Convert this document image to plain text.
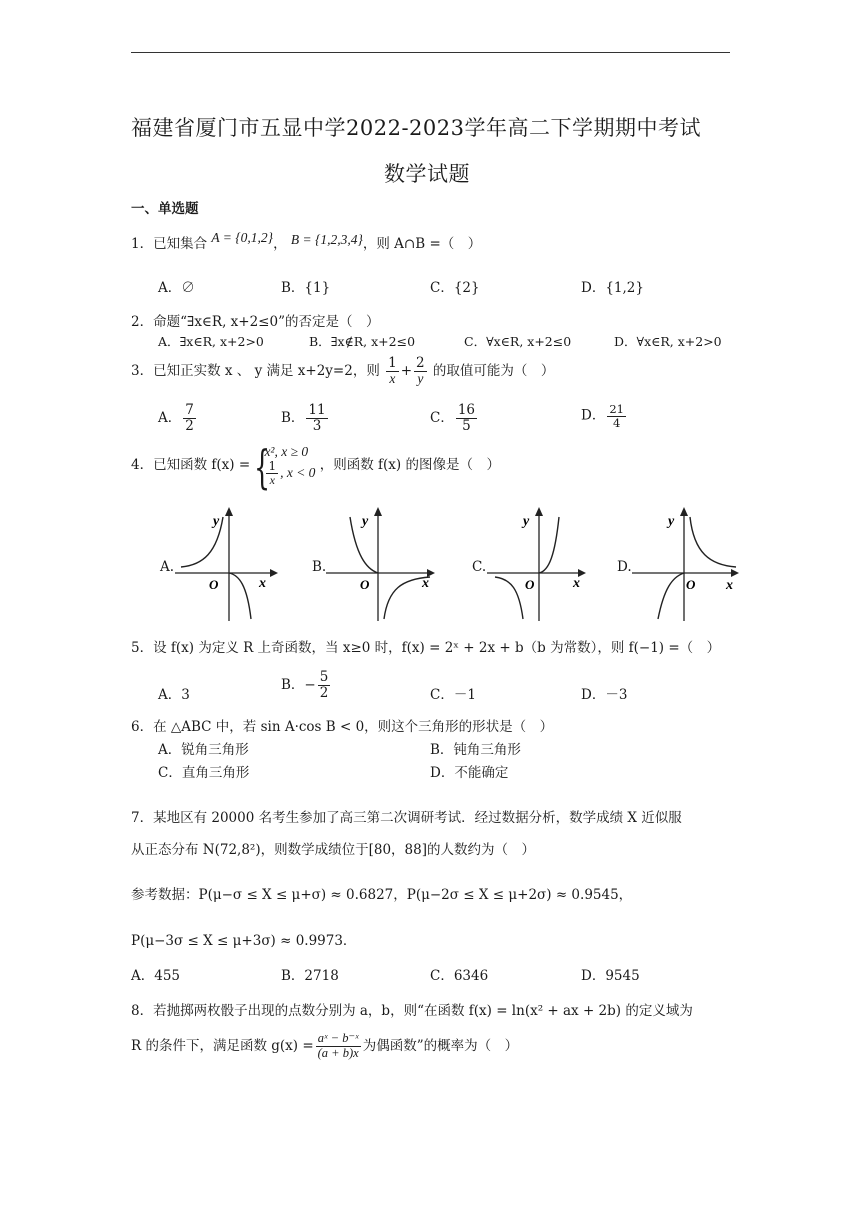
福建省厦门市五显中学2022-2023学年高二下学期期中考试
数学试题
一、单选题
1．已知集合 A = {0,1,2}， B = {1,2,3,4}，则 A∩B =（　）
A．∅	B．{1}	C．{2}	D．{1,2}
2．命题“∃x∈R, x+2≤0”的否定是（　）
A．∃x∈R, x+2>0	B．∃x∉R, x+2≤0	C．∀x∈R, x+2≤0	D．∀x∈R, x+2>0
3．已知正实数 x 、 y 满足 x+2y=2，则 $\frac{1}{x} + \frac{2}{y}$ 的取值可能为（　）
A． $\frac{7}{2}$	B． $\frac{11}{3}$	C． $\frac{16}{5}$	D． $\frac{21}{4}$
4．已知函数 f(x) = {
x², x ≥ 0
$\frac{1}{x}$ , x < 0 ，则函数 f(x) 的图像是（　）
A.
y
x
O
B.
y
x
O
C.
y
x
O
D.
y
x
O
5．设 f(x) 为定义 R 上奇函数，当 x≥0 时，f(x) = 2ˣ + 2x + b（b 为常数），则 f(−1) =（　）
A．3
B．− $\frac{5}{2}$	C．－1	D．－3
6．在 △ABC 中，若 sin A·cos B < 0，则这个三角形的形状是（　）
A．锐角三角形	B．钝角三角形
C．直角三角形	D．不能确定
7．某地区有 20000 名考生参加了高三第二次调研考试．经过数据分析，数学成绩 X 近似服
从正态分布 N(72,8²)，则数学成绩位于[80，88]的人数约为（　）
参考数据：P(μ−σ ≤ X ≤ μ+σ) ≈ 0.6827，P(μ−2σ ≤ X ≤ μ+2σ) ≈ 0.9545，
P(μ−3σ ≤ X ≤ μ+3σ) ≈ 0.9973．
A．455	B．2718	C．6346	D．9545
8．若抛掷两枚骰子出现的点数分别为 a，b，则“在函数 f(x) = ln(x² + ax + 2b) 的定义域为
R 的条件下，满足函数 $g(x) = \frac{\text{aˣ − b⁻ˣ}}{(a + b)x}$ 为偶函数”的概率为（　）
